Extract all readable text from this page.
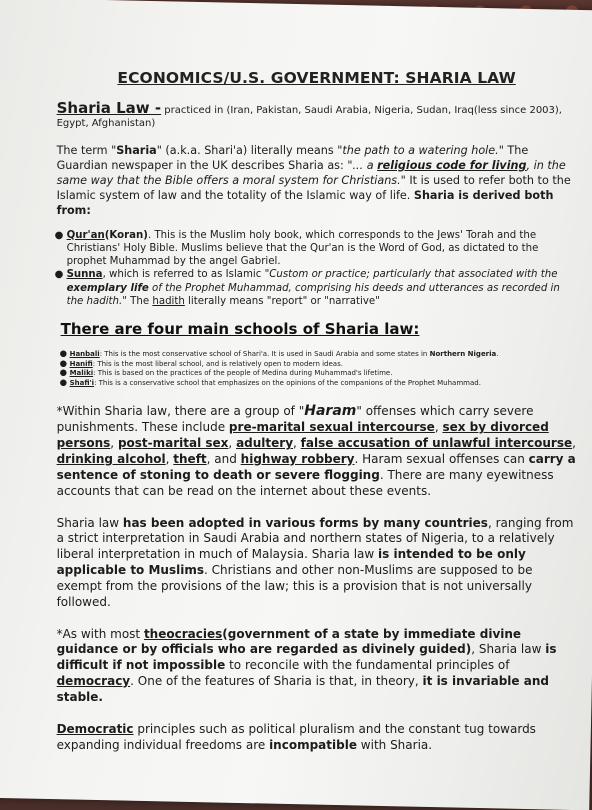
ECONOMICS/U.S. GOVERNMENT: SHARIA LAW

Sharia Law - practiced in (Iran, Pakistan, Saudi Arabia, Nigeria, Sudan, Iraq(less since 2003), Egypt, Afghanistan)

The term "Sharia" (a.k.a. Shari'a) literally means "the path to a watering hole." The Guardian newspaper in the UK describes Sharia as: "... a religious code for living, in the same way that the Bible offers a moral system for Christians." It is used to refer both to the Islamic system of law and the totality of the Islamic way of life. Sharia is derived both from:

● Qur'an(Koran). This is the Muslim holy book, which corresponds to the Jews' Torah and the Christians' Holy Bible. Muslims believe that the Qur'an is the Word of God, as dictated to the prophet Muhammad by the angel Gabriel.
● Sunna, which is referred to as Islamic "Custom or practice; particularly that associated with the exemplary life of the Prophet Muhammad, comprising his deeds and utterances as recorded in the hadith." The hadith literally means "report" or "narrative"
There are four main schools of Sharia law:
● Hanbali: This is the most conservative school of Shari'a. It is used in Saudi Arabia and some states in Northern Nigeria.
● Hanifi: This is the most liberal school, and is relatively open to modern ideas.
● Maliki: This is based on the practices of the people of Medina during Muhammad's lifetime.
● Shafi'i: This is a conservative school that emphasizes on the opinions of the companions of the Prophet Muhammad.

*Within Sharia law, there are a group of "Haram" offenses which carry severe punishments. These include pre-marital sexual intercourse, sex by divorced persons, post-marital sex, adultery, false accusation of unlawful intercourse, drinking alcohol, theft, and highway robbery. Haram sexual offenses can carry a sentence of stoning to death or severe flogging. There are many eyewitness accounts that can be read on the internet about these events.

Sharia law has been adopted in various forms by many countries, ranging from a strict interpretation in Saudi Arabia and northern states of Nigeria, to a relatively liberal interpretation in much of Malaysia. Sharia law is intended to be only applicable to Muslims. Christians and other non-Muslims are supposed to be exempt from the provisions of the law; this is a provision that is not universally followed.

*As with most theocracies(government of a state by immediate divine guidance or by officials who are regarded as divinely guided), Sharia law is difficult if not impossible to reconcile with the fundamental principles of democracy. One of the features of Sharia is that, in theory, it is invariable and stable.

Democratic principles such as political pluralism and the constant tug towards expanding individual freedoms are incompatible with Sharia.
